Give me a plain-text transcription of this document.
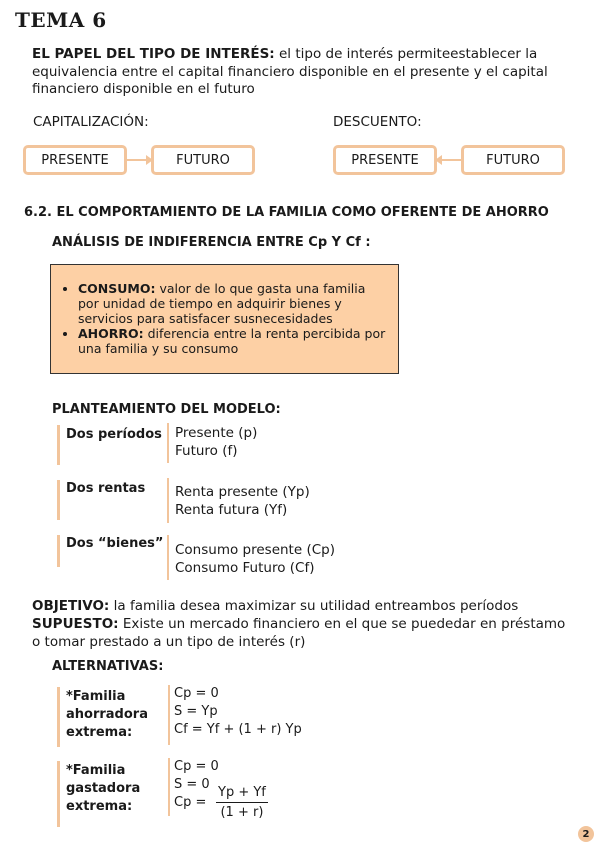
TEMA 6
EL PAPEL DEL TIPO DE INTERÉS: el tipo de interés permiteestablecer la equivalencia entre el capital financiero disponible en el presente y el capital financiero disponible en el futuro
CAPITALIZACIÓN:
PRESENTE	FUTURO
DESCUENTO:
PRESENTE	FUTURO
6.2. EL COMPORTAMIENTO DE LA FAMILIA COMO OFERENTE DE AHORRO
ANÁLISIS DE INDIFERENCIA ENTRE Cp Y Cf :
• CONSUMO: valor de lo que gasta una familia por unidad de tiempo en adquirir bienes y servicios para satisfacer susnecesidades
• AHORRO: diferencia entre la renta percibida por una familia y su consumo
PLANTEAMIENTO DEL MODELO:
Dos períodos Presente (p)
Futuro (f)
Dos rentas Renta presente (Yp)
Renta futura (Yf)
Dos “bienes” Consumo presente (Cp)
Consumo Futuro (Cf)
OBJETIVO: la familia desea maximizar su utilidad entreambos períodos
SUPUESTO: Existe un mercado financiero en el que se puededar en préstamo o tomar prestado a un tipo de interés (r)
ALTERNATIVAS:
*Familia
ahorradora
extrema:
Cp = 0
S = Yp
Cf = Yf + (1 + r) Yp
*Familia
gastadora
extrema:
Cp = 0
S = 0
$Cp = \frac{Yp + Yf}{(1 + r)}$
2
